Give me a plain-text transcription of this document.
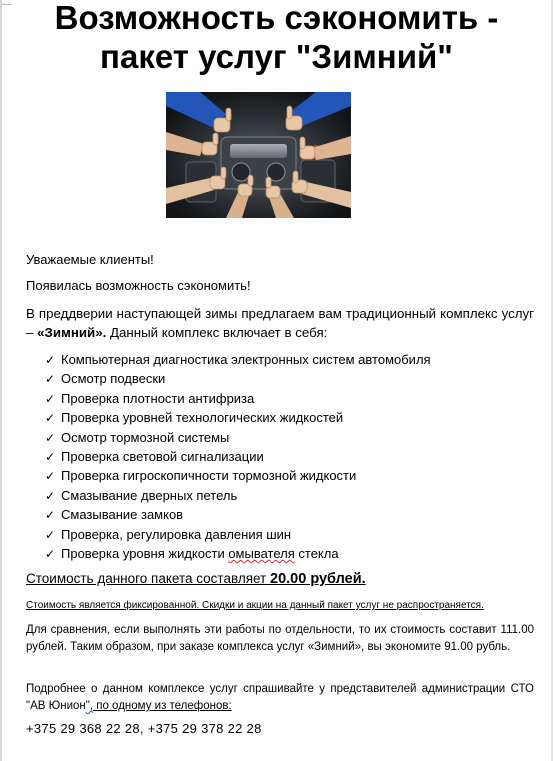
Возможность сэкономить -
пакет услуг "Зимний"
Уважаемые клиенты!
Появилась возможность сэкономить!
В преддверии наступающей зимы предлагаем вам традиционный комплекс услуг – «Зимний». Данный комплекс включает в себя:
✓ Компьютерная диагностика электронных систем автомобиля
✓ Осмотр подвески
✓ Проверка плотности антифриза
✓ Проверка уровней технологических жидкостей
✓ Осмотр тормозной системы
✓ Проверка световой сигнализации
✓ Проверка гигроскопичности тормозной жидкости
✓ Смазывание дверных петель
✓ Смазывание замков
✓ Проверка, регулировка давления шин
✓ Проверка уровня жидкости омывателя стекла
Стоимость данного пакета составляет 20.00 рублей.
Стоимость является фиксированной. Скидки и акции на данный пакет услуг не распространяется.
Для сравнения, если выполнять эти работы по отдельности, то их стоимость составит 111.00 рублей. Таким образом, при заказе комплекса услуг «Зимний», вы экономите 91.00 рубль.
Подробнее о данном комплексе услуг спрашивайте у представителей администрации СТО "АВ Юнион", по одному из телефонов:
+375 29 368 22 28, +375 29 378 22 28
